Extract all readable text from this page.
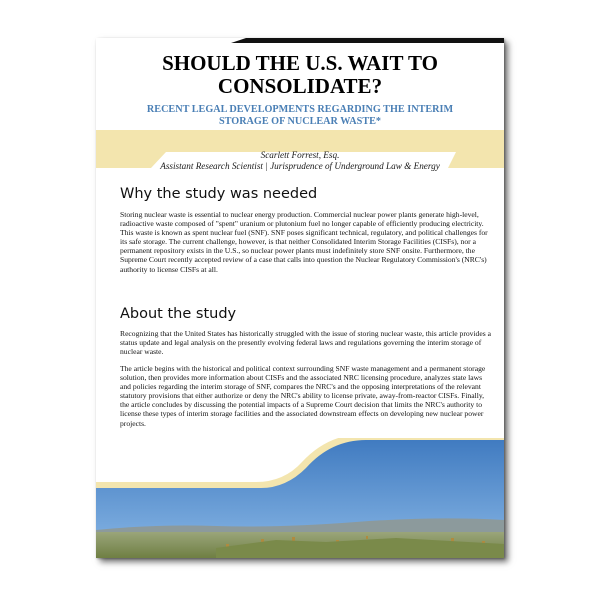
SHOULD THE U.S. WAIT TO
CONSOLIDATE?

RECENT LEGAL DEVELOPMENTS REGARDING THE INTERIM
STORAGE OF NUCLEAR WASTE*

Scarlett Forrest, Esq.
Assistant Research Scientist | Jurisprudence of Underground Law & Energy
Why the study was needed

Storing nuclear waste is essential to nuclear energy production. Commercial nuclear power plants generate high-level, radioactive waste composed of "spent" uranium or plutonium fuel no longer capable of efficiently producing electricity. This waste is known as spent nuclear fuel (SNF). SNF poses significant technical, regulatory, and political challenges for its safe storage. The current challenge, however, is that neither Consolidated Interim Storage Facilities (CISFs), nor a permanent repository exists in the U.S., so nuclear power plants must indefinitely store SNF onsite. Furthermore, the Supreme Court recently accepted review of a case that calls into question the Nuclear Regulatory Commission's (NRC's) authority to license CISFs at all.

About the study

Recognizing that the United States has historically struggled with the issue of storing nuclear waste, this article provides a status update and legal analysis on the presently evolving federal laws and regulations governing the interim storage of nuclear waste.

The article begins with the historical and political context surrounding SNF waste management and a permanent storage solution, then provides more information about CISFs and the associated NRC licensing procedure, analyzes state laws and policies regarding the interim storage of SNF, compares the NRC's and the opposing interpretations of the relevant statutory provisions that either authorize or deny the NRC's ability to license private, away-from-reactor CISFs. Finally, the article concludes by discussing the potential impacts of a Supreme Court decision that limits the NRC's authority to license these types of interim storage facilities and the associated downstream effects on developing new nuclear power projects.
